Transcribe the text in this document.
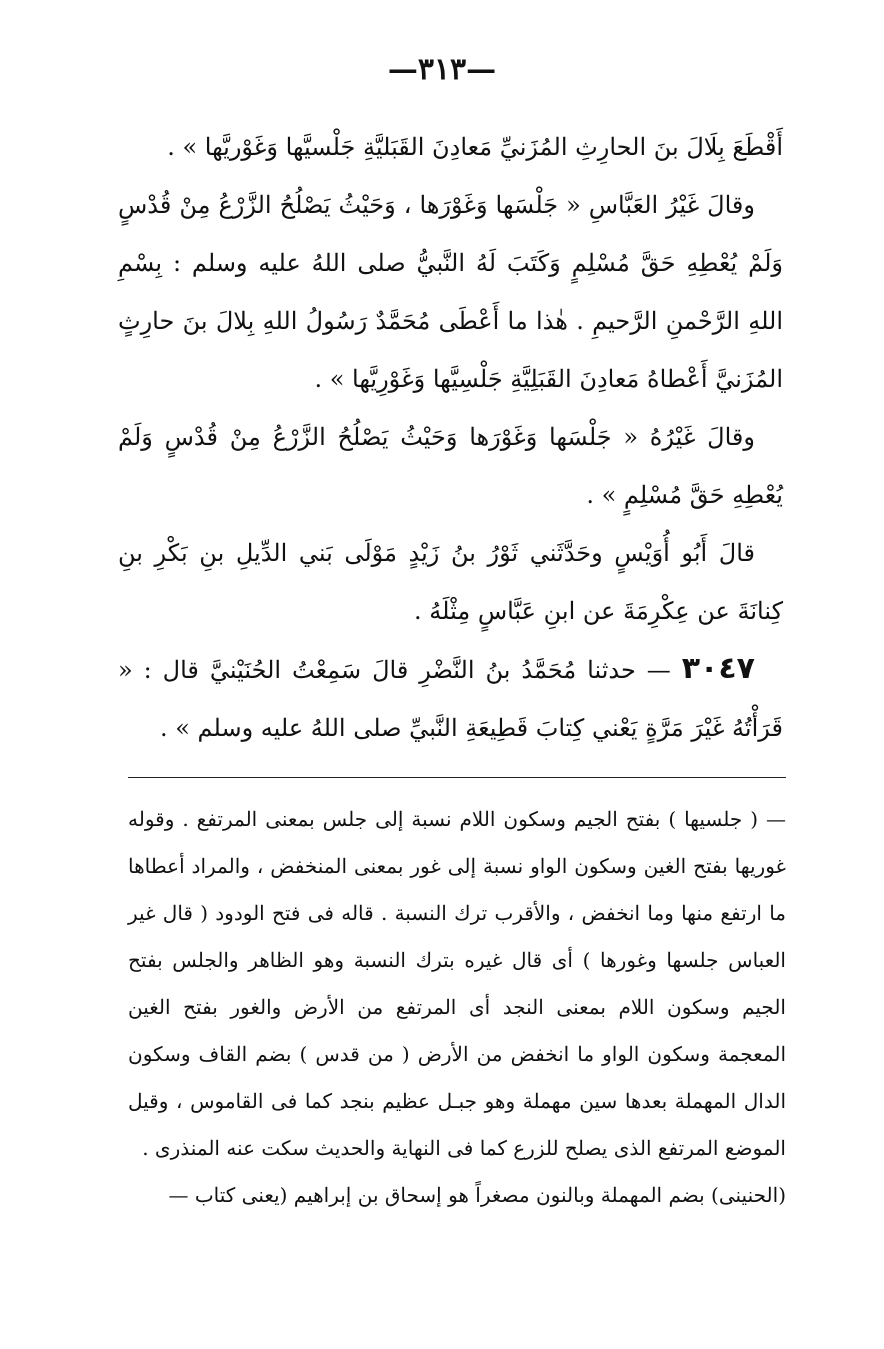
—٣١٣—

أَقْطَعَ بِلَالَ بنَ الحارِثِ المُزَنيِّ مَعادِنَ القَبَليَّةِ جَلْسيَّها وَغَوْريَّها » .

وقالَ غَيْرُ العَبَّاسِ « جَلْسَها وَغَوْرَها ، وَحَيْثُ يَصْلُحُ الزَّرْعُ مِنْ قُدْسٍ وَلَمْ يُعْطِهِ حَقَّ مُسْلِمٍ وَكَتَبَ لَهُ النَّبيُّ صلى اللهُ عليه وسلم : بِسْمِ اللهِ الرَّحْمنِ الرَّحيمِ . هٰذا ما أَعْطَى مُحَمَّدٌ رَسُولُ اللهِ بِلالَ بنَ حارِثٍ المُزَنيَّ أَعْطاهُ مَعادِنَ القَبَلِيَّةِ جَلْسِيَّها وَغَوْرِيَّها » .

وقالَ غَيْرُهُ « جَلْسَها وَغَوْرَها وَحَيْثُ يَصْلُحُ الزَّرْعُ مِنْ قُدْسٍ وَلَمْ يُعْطِهِ حَقَّ مُسْلِمٍ » .

قالَ أَبُو أُوَيْسٍ وحَدَّثَني ثَوْرُ بنُ زَيْدٍ مَوْلَى بَني الدِّيلِ بنِ بَكْرِ بنِ كِنانَةَ عن عِكْرِمَةَ عن ابنِ عَبَّاسٍ مِثْلَهُ .

٣٠٤٧ — حدثنا مُحَمَّدُ بنُ النَّضْرِ قالَ سَمِعْتُ الحُنَيْنيَّ قال : « قَرَأْتُهُ غَيْرَ مَرَّةٍ يَعْني كِتابَ قَطِيعَةِ النَّبيِّ صلى اللهُ عليه وسلم » .

— ( جلسيها ) بفتح الجيم وسكون اللام نسبة إلى جلس بمعنى المرتفع . وقوله غوريها بفتح الغين وسكون الواو نسبة إلى غور بمعنى المنخفض ، والمراد أعطاها ما ارتفع منها وما انخفض ، والأقرب ترك النسبة . قاله فى فتح الودود ( قال غير العباس جلسها وغورها ) أى قال غيره بترك النسبة وهو الظاهر والجلس بفتح الجيم وسكون اللام بمعنى النجد أى المرتفع من الأرض والغور بفتح الغين المعجمة وسكون الواو ما انخفض من الأرض ( من قدس ) بضم القاف وسكون الدال المهملة بعدها سين مهملة وهو جبـل عظيم بنجد كما فى القاموس ، وقيل الموضع المرتفع الذى يصلح للزرع كما فى النهاية والحديث سكت عنه المنذرى .

(الحنينى) بضم المهملة وبالنون مصغراً هو إسحاق بن إبراهيم (يعنى كتاب —
